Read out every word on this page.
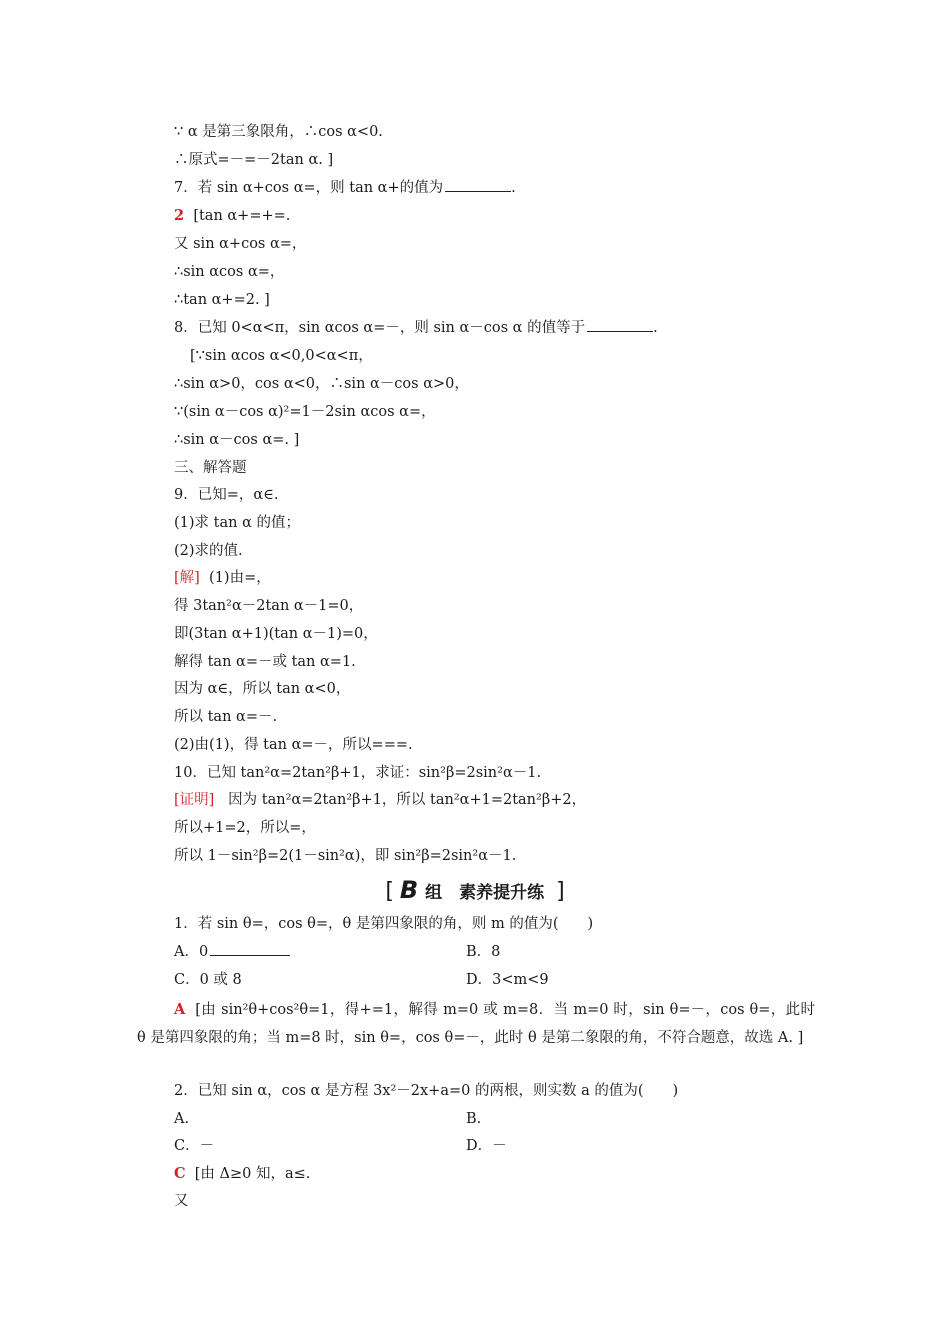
∵ α 是第三象限角，∴cos α<0.
∴原式=－=－2tan α. ]
7．若 sin α+cos α=，则 tan α+的值为	.
2 [tan α+=+=.
又 sin α+cos α=，
∴sin αcos α=，
∴tan α+=2. ]
8．已知 0<α<π，sin αcos α=－，则 sin α－cos α 的值等于	.
[∵sin αcos α<0,0<α<π，
∴sin α>0，cos α<0，∴sin α－cos α>0，
∵(sin α－cos α)²=1－2sin αcos α=，
∴sin α－cos α=. ]
三、解答题
9．已知=，α∈.
(1)求 tan α 的值；
(2)求的值.
[解] (1)由=，
得 3tan²α－2tan α－1=0，
即(3tan α+1)(tan α－1)=0，
解得 tan α=－或 tan α=1.
因为 α∈，所以 tan α<0，
所以 tan α=－.
(2)由(1)，得 tan α=－，所以===.
10．已知 tan²α=2tan²β+1，求证：sin²β=2sin²α－1.
[证明] 因为 tan²α=2tan²β+1，所以 tan²α+1=2tan²β+2，
所以+1=2，所以=，
所以 1－sin²β=2(1－sin²α)，即 sin²β=2sin²α－1.
[ B 组　素养提升练 ]
1．若 sin θ=，cos θ=，θ 是第四象限的角，则 m 的值为(　　)
A．0	B．8
C．0 或 8	D．3<m<9
A [由 sin²θ+cos²θ=1，得+=1，解得 m=0 或 m=8．当 m=0 时，sin θ=－，cos θ=，此时 θ 是第四象限的角；当 m=8 时，sin θ=，cos θ=－，此时 θ 是第二象限的角，不符合题意，故选 A. ]
2．已知 sin α，cos α 是方程 3x²－2x+a=0 的两根，则实数 a 的值为(　　)
A.	B.
C．－	D．－
C [由 Δ≥0 知，a≤.
又
